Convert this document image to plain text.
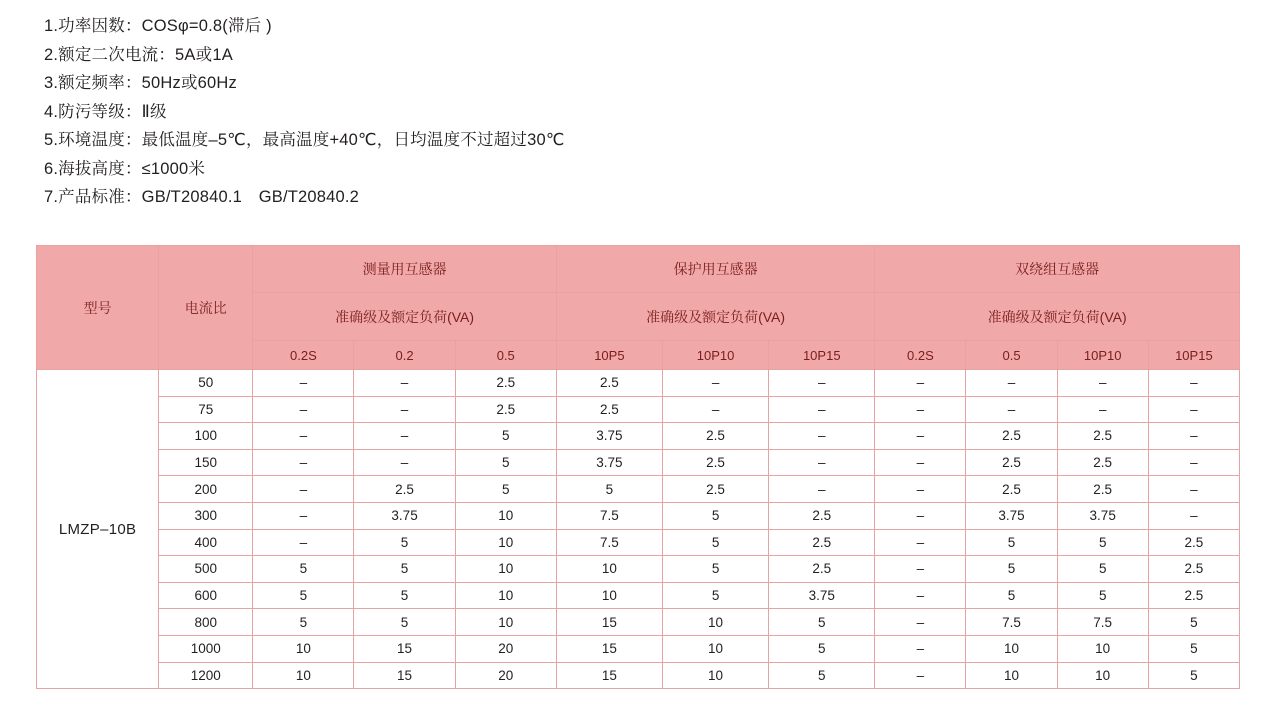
1.功率因数：COSφ=0.8(滞后 )
2.额定二次电流：5A或1A
3.额定频率：50Hz或60Hz
4.防污等级：Ⅱ级
5.环境温度：最低温度–5℃，最高温度+40℃，日均温度不过超过30℃
6.海拔高度：≤1000米
7.产品标准：GB/T20840.1　GB/T20840.2
型号	电流比	测量用互感器			保护用互感器			双绕组互感器			
		准确级及额定负荷(VA)			准确级及额定负荷(VA)			准确级及额定负荷(VA)			
		0.2S	0.2	0.5	10P5	10P10	10P15	0.2S	0.5	10P10	10P15
LMZP–10B	50	–	–	2.5	2.5	–	–	–	–	–	–
	75	–	–	2.5	2.5	–	–	–	–	–	–
	100	–	–	5	3.75	2.5	–	–	2.5	2.5	–
	150	–	–	5	3.75	2.5	–	–	2.5	2.5	–
	200	–	2.5	5	5	2.5	–	–	2.5	2.5	–
	300	–	3.75	10	7.5	5	2.5	–	3.75	3.75	–
	400	–	5	10	7.5	5	2.5	–	5	5	2.5
	500	5	5	10	10	5	2.5	–	5	5	2.5
	600	5	5	10	10	5	3.75	–	5	5	2.5
	800	5	5	10	15	10	5	–	7.5	7.5	5
	1000	10	15	20	15	10	5	–	10	10	5
	1200	10	15	20	15	10	5	–	10	10	5
